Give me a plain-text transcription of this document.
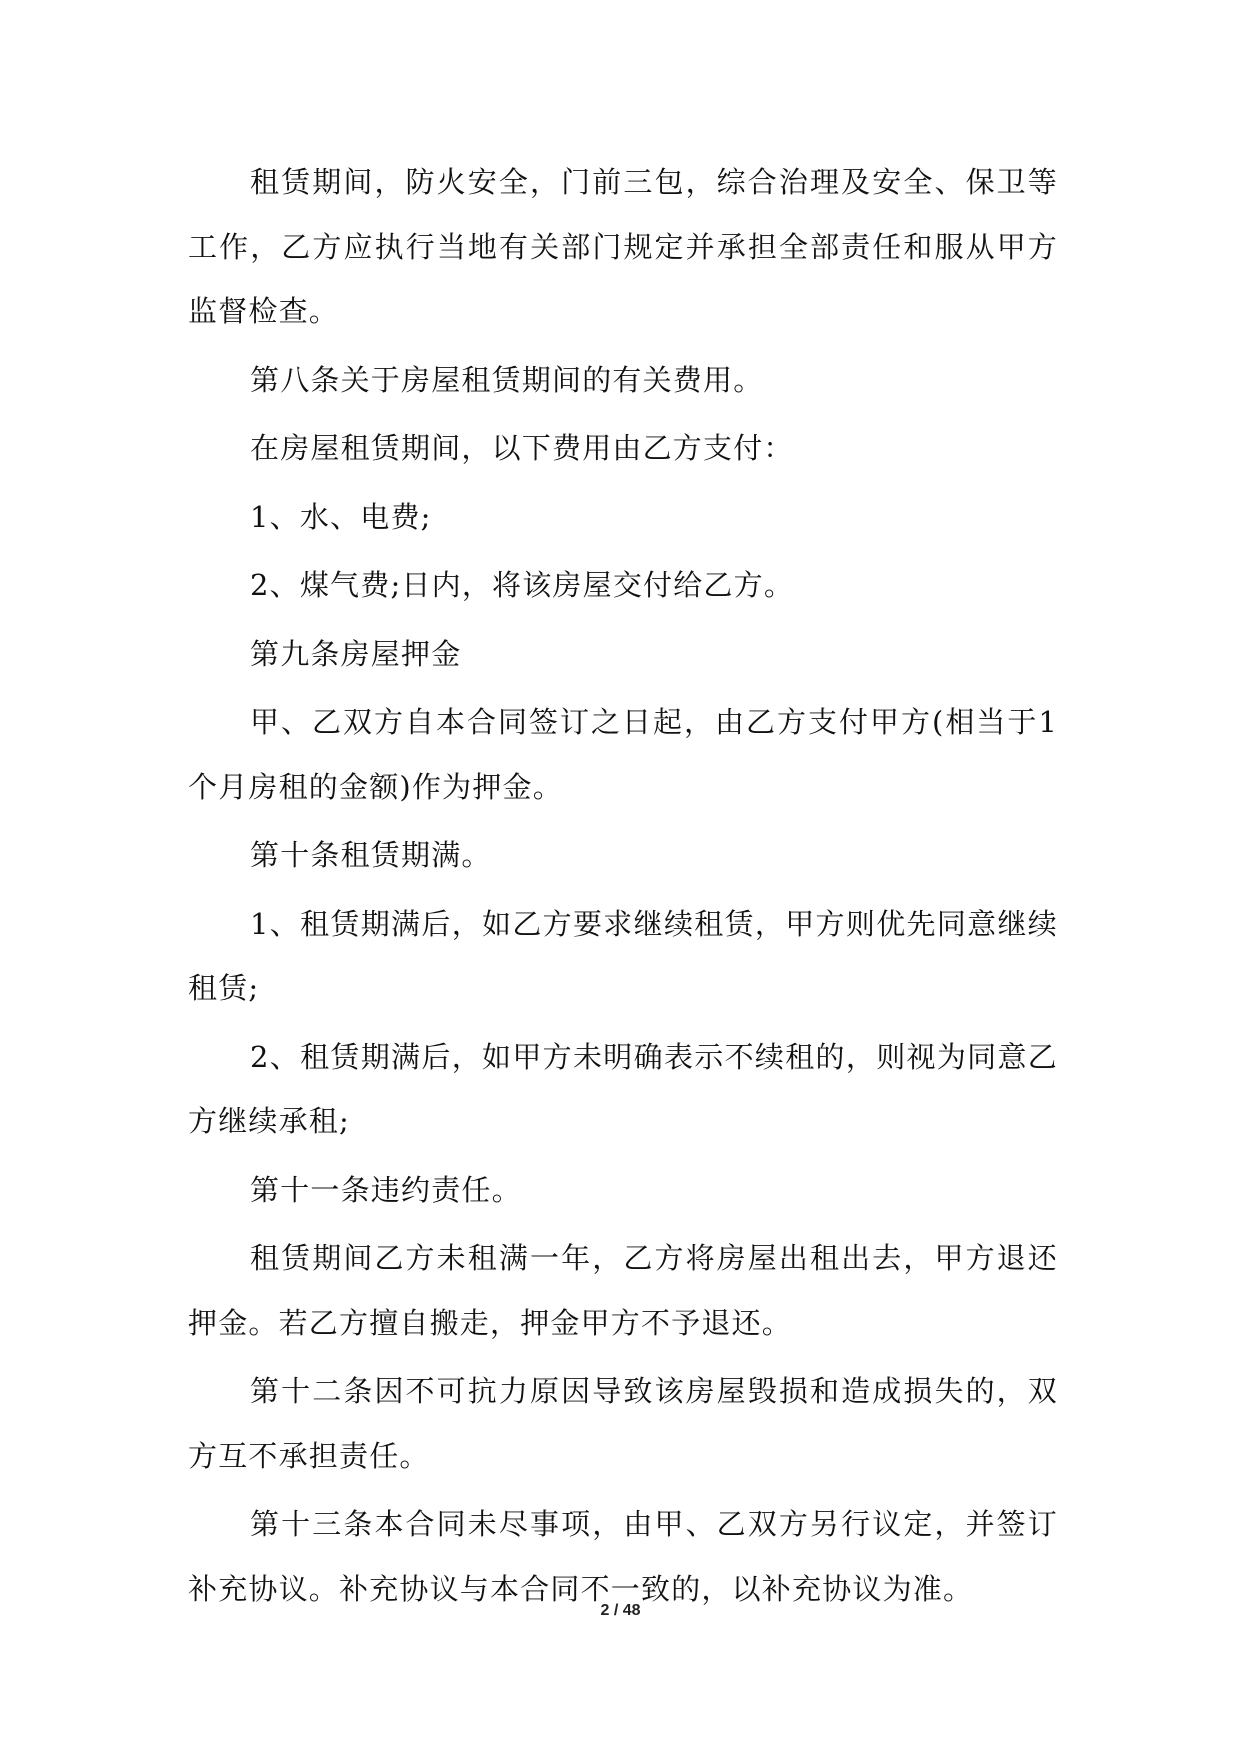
租赁期间，防火安全，门前三包，综合治理及安全、保卫等工作，乙方应执行当地有关部门规定并承担全部责任和服从甲方监督检查。

第八条关于房屋租赁期间的有关费用。

在房屋租赁期间，以下费用由乙方支付：

1、水、电费;

2、煤气费;日内，将该房屋交付给乙方。

第九条房屋押金

甲、乙双方自本合同签订之日起，由乙方支付甲方(相当于1个月房租的金额)作为押金。

第十条租赁期满。

1、租赁期满后，如乙方要求继续租赁，甲方则优先同意继续租赁;

2、租赁期满后，如甲方未明确表示不续租的，则视为同意乙方继续承租;

第十一条违约责任。

租赁期间乙方未租满一年，乙方将房屋出租出去，甲方退还押金。若乙方擅自搬走，押金甲方不予退还。

第十二条因不可抗力原因导致该房屋毁损和造成损失的，双方互不承担责任。

第十三条本合同未尽事项，由甲、乙双方另行议定，并签订补充协议。补充协议与本合同不一致的，以补充协议为准。

2 / 48
